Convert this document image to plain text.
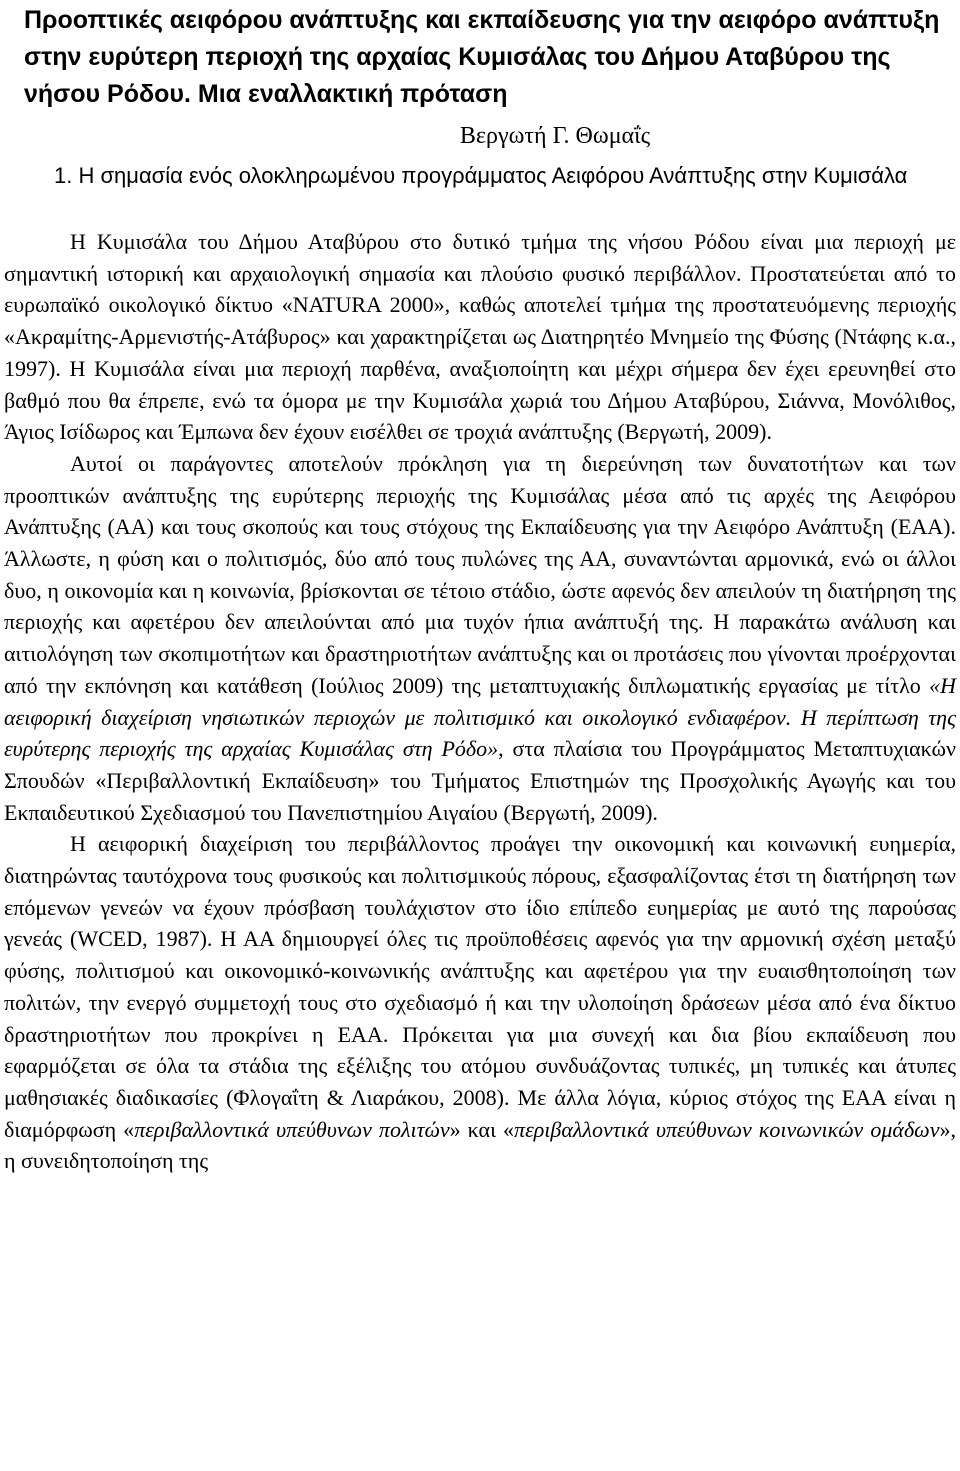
Προοπτικές αειφόρου ανάπτυξης και εκπαίδευσης για την αειφόρο ανάπτυξη στην ευρύτερη περιοχή της αρχαίας Κυμισάλας του Δήμου Αταβύρου της νήσου Ρόδου. Μια εναλλακτική πρόταση
Βεργωτή Γ. Θωμαΐς
1. Η σημασία ενός ολοκληρωμένου προγράμματος Αειφόρου Ανάπτυξης στην Κυμισάλα

Η Κυμισάλα του Δήμου Αταβύρου στο δυτικό τμήμα της νήσου Ρόδου είναι μια περιοχή με σημαντική ιστορική και αρχαιολογική σημασία και πλούσιο φυσικό περιβάλλον. Προστατεύεται από το ευρωπαϊκό οικολογικό δίκτυο «NATURA 2000», καθώς αποτελεί τμήμα της προστατευόμενης περιοχής «Ακραμίτης-Αρμενιστής-Ατάβυρος» και χαρακτηρίζεται ως Διατηρητέο Μνημείο της Φύσης (Ντάφης κ.α., 1997). Η Κυμισάλα είναι μια περιοχή παρθένα, αναξιοποίητη και μέχρι σήμερα δεν έχει ερευνηθεί στο βαθμό που θα έπρεπε, ενώ τα όμορα με την Κυμισάλα χωριά του Δήμου Αταβύρου, Σιάννα, Μονόλιθος, Άγιος Ισίδωρος και Έμπωνα δεν έχουν εισέλθει σε τροχιά ανάπτυξης (Βεργωτή, 2009).

Αυτοί οι παράγοντες αποτελούν πρόκληση για τη διερεύνηση των δυνατοτήτων και των προοπτικών ανάπτυξης της ευρύτερης περιοχής της Κυμισάλας μέσα από τις αρχές της Αειφόρου Ανάπτυξης (ΑΑ) και τους σκοπούς και τους στόχους της Εκπαίδευσης για την Αειφόρο Ανάπτυξη (ΕΑΑ). Άλλωστε, η φύση και ο πολιτισμός, δύο από τους πυλώνες της ΑΑ, συναντώνται αρμονικά, ενώ οι άλλοι δυο, η οικονομία και η κοινωνία, βρίσκονται σε τέτοιο στάδιο, ώστε αφενός δεν απειλούν τη διατήρηση της περιοχής και αφετέρου δεν απειλούνται από μια τυχόν ήπια ανάπτυξή της. Η παρακάτω ανάλυση και αιτιολόγηση των σκοπιμοτήτων και δραστηριοτήτων ανάπτυξης και οι προτάσεις που γίνονται προέρχονται από την εκπόνηση και κατάθεση (Ιούλιος 2009) της μεταπτυχιακής διπλωματικής εργασίας με τίτλο «Η αειφορική διαχείριση νησιωτικών περιοχών με πολιτισμικό και οικολογικό ενδιαφέρον. Η περίπτωση της ευρύτερης περιοχής της αρχαίας Κυμισάλας στη Ρόδο», στα πλαίσια του Προγράμματος Μεταπτυχιακών Σπουδών «Περιβαλλοντική Εκπαίδευση» του Τμήματος Επιστημών της Προσχολικής Αγωγής και του Εκπαιδευτικού Σχεδιασμού του Πανεπιστημίου Αιγαίου (Βεργωτή, 2009).

Η αειφορική διαχείριση του περιβάλλοντος προάγει την οικονομική και κοινωνική ευημερία, διατηρώντας ταυτόχρονα τους φυσικούς και πολιτισμικούς πόρους, εξασφαλίζοντας έτσι τη διατήρηση των επόμενων γενεών να έχουν πρόσβαση τουλάχιστον στο ίδιο επίπεδο ευημερίας με αυτό της παρούσας γενεάς (WCED, 1987). Η ΑΑ δημιουργεί όλες τις προϋποθέσεις αφενός για την αρμονική σχέση μεταξύ φύσης, πολιτισμού και οικονομικό-κοινωνικής ανάπτυξης και αφετέρου για την ευαισθητοποίηση των πολιτών, την ενεργό συμμετοχή τους στο σχεδιασμό ή και την υλοποίηση δράσεων μέσα από ένα δίκτυο δραστηριοτήτων που προκρίνει η ΕΑΑ. Πρόκειται για μια συνεχή και δια βίου εκπαίδευση που εφαρμόζεται σε όλα τα στάδια της εξέλιξης του ατόμου συνδυάζοντας τυπικές, μη τυπικές και άτυπες μαθησιακές διαδικασίες (Φλογαΐτη & Λιαράκου, 2008). Με άλλα λόγια, κύριος στόχος της ΕΑΑ είναι η διαμόρφωση «περιβαλλοντικά υπεύθυνων πολιτών» και «περιβαλλοντικά υπεύθυνων κοινωνικών ομάδων», η συνειδητοποίηση της
